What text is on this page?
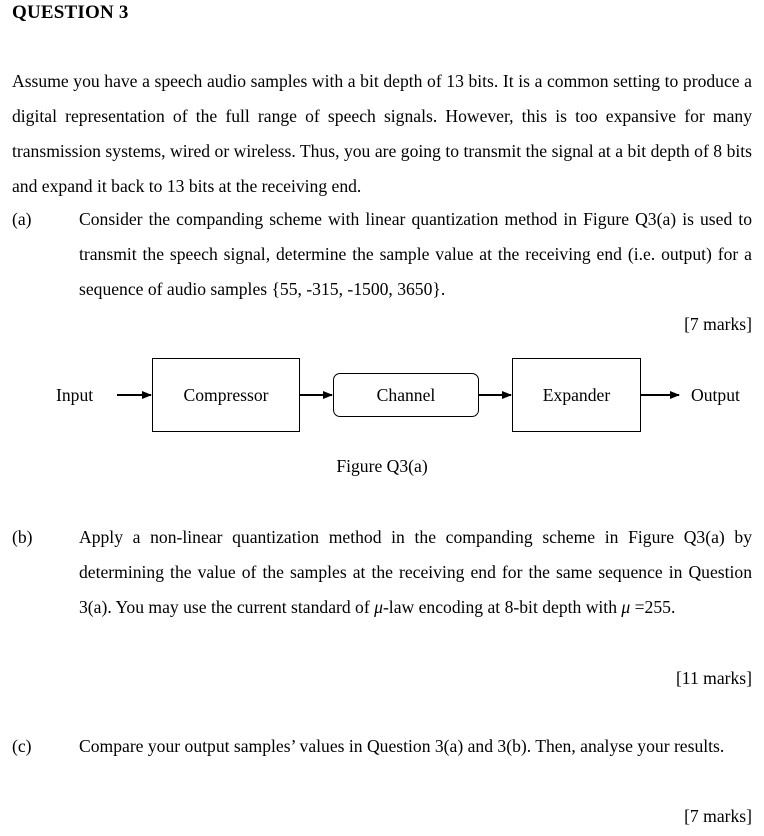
QUESTION 3
Assume you have a speech audio samples with a bit depth of 13 bits. It is a common setting to produce a digital representation of the full range of speech signals. However, this is too expansive for many transmission systems, wired or wireless. Thus, you are going to transmit the signal at a bit depth of 8 bits and expand it back to 13 bits at the receiving end.
(a)	Consider the companding scheme with linear quantization method in Figure Q3(a) is used to transmit the speech signal, determine the sample value at the receiving end (i.e. output) for a sequence of audio samples {55, -315, -1500, 3650}.
[7 marks]
Input	Compressor	Channel	Expander	Output
Figure Q3(a)
(b)	Apply a non-linear quantization method in the companding scheme in Figure Q3(a) by determining the value of the samples at the receiving end for the same sequence in Question 3(a). You may use the current standard of μ-law encoding at 8-bit depth with μ =255.
[11 marks]
(c)	Compare your output samples’ values in Question 3(a) and 3(b). Then, analyse your results.
[7 marks]
